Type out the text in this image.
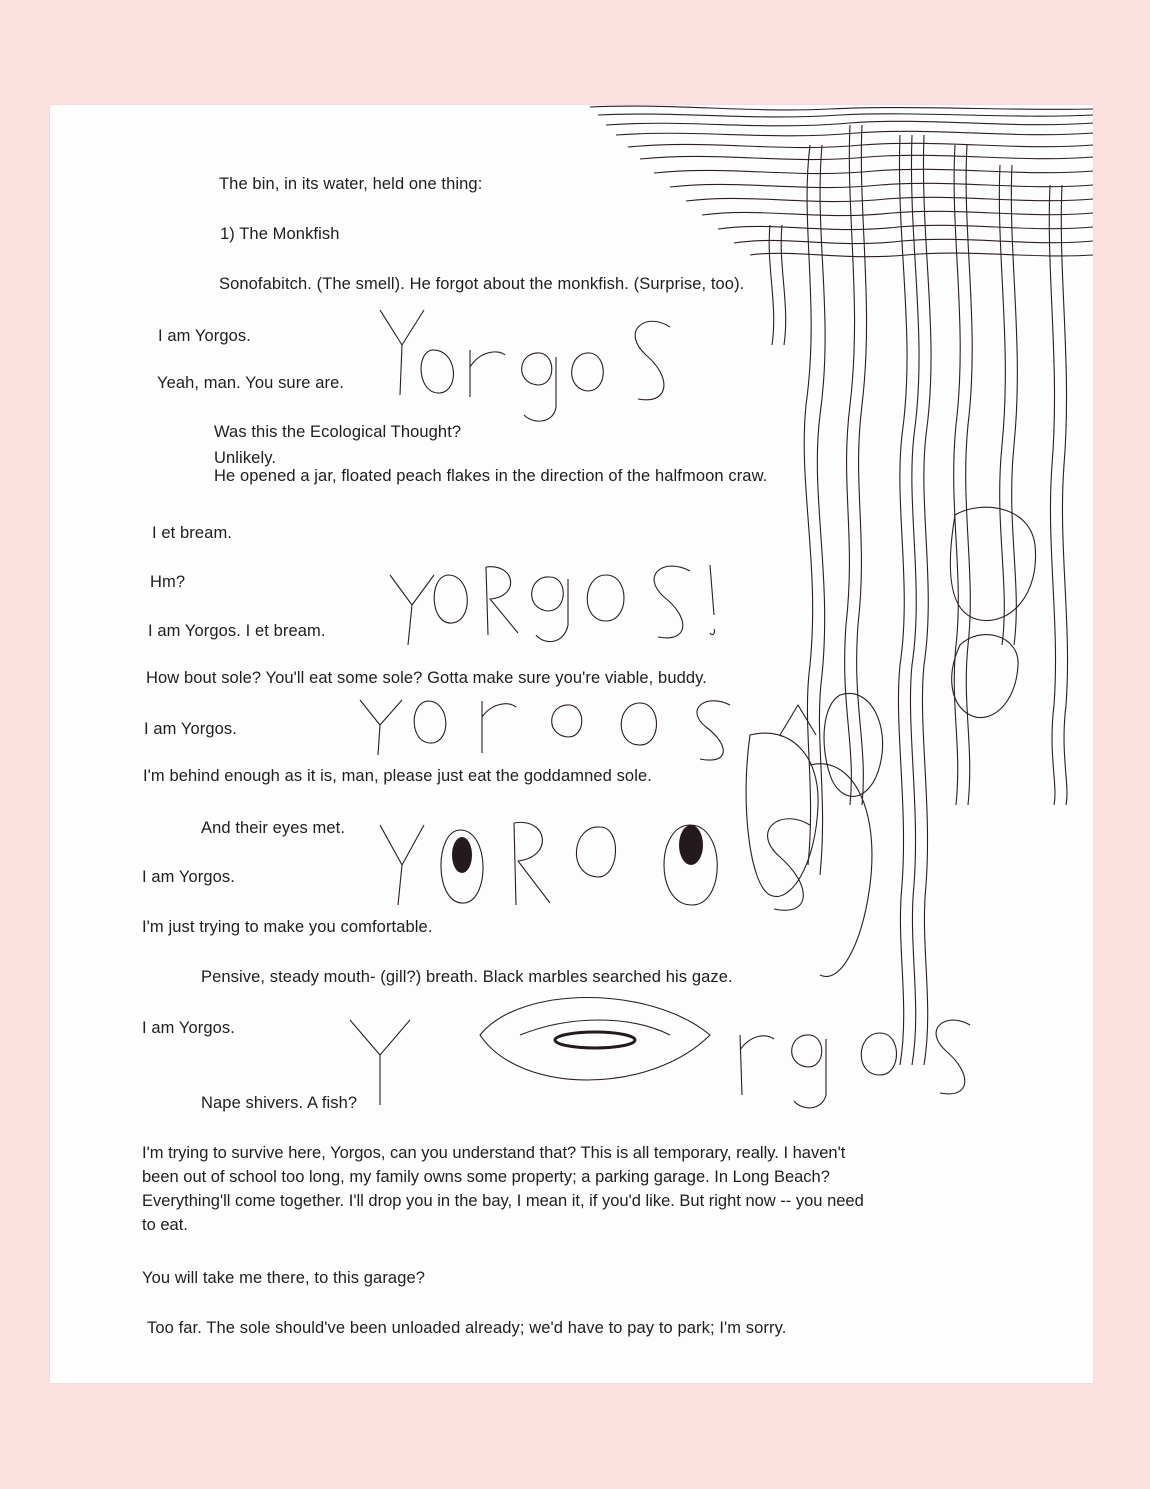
The bin, in its water, held one thing:
1) The Monkfish
Sonofabitch. (The smell). He forgot about the monkfish. (Surprise, too).
I am Yorgos.
Yeah, man. You sure are.
Was this the Ecological Thought?
Unlikely.
He opened a jar, floated peach flakes in the direction of the halfmoon craw.
I et bream.
Hm?
I am Yorgos. I et bream.
How bout sole? You'll eat some sole? Gotta make sure you're viable, buddy.
I am Yorgos.
I'm behind enough as it is, man, please just eat the goddamned sole.
And their eyes met.
I am Yorgos.
I'm just trying to make you comfortable.
Pensive, steady mouth- (gill?) breath. Black marbles searched his gaze.
I am Yorgos.
Nape shivers. A fish?
I'm trying to survive here, Yorgos, can you understand that? This is all temporary, really. I haven't
been out of school too long, my family owns some property; a parking garage. In Long Beach?
Everything'll come together. I'll drop you in the bay, I mean it, if you'd like. But right now -- you need
to eat.
You will take me there, to this garage?
Too far. The sole should've been unloaded already; we'd have to pay to park; I'm sorry.
